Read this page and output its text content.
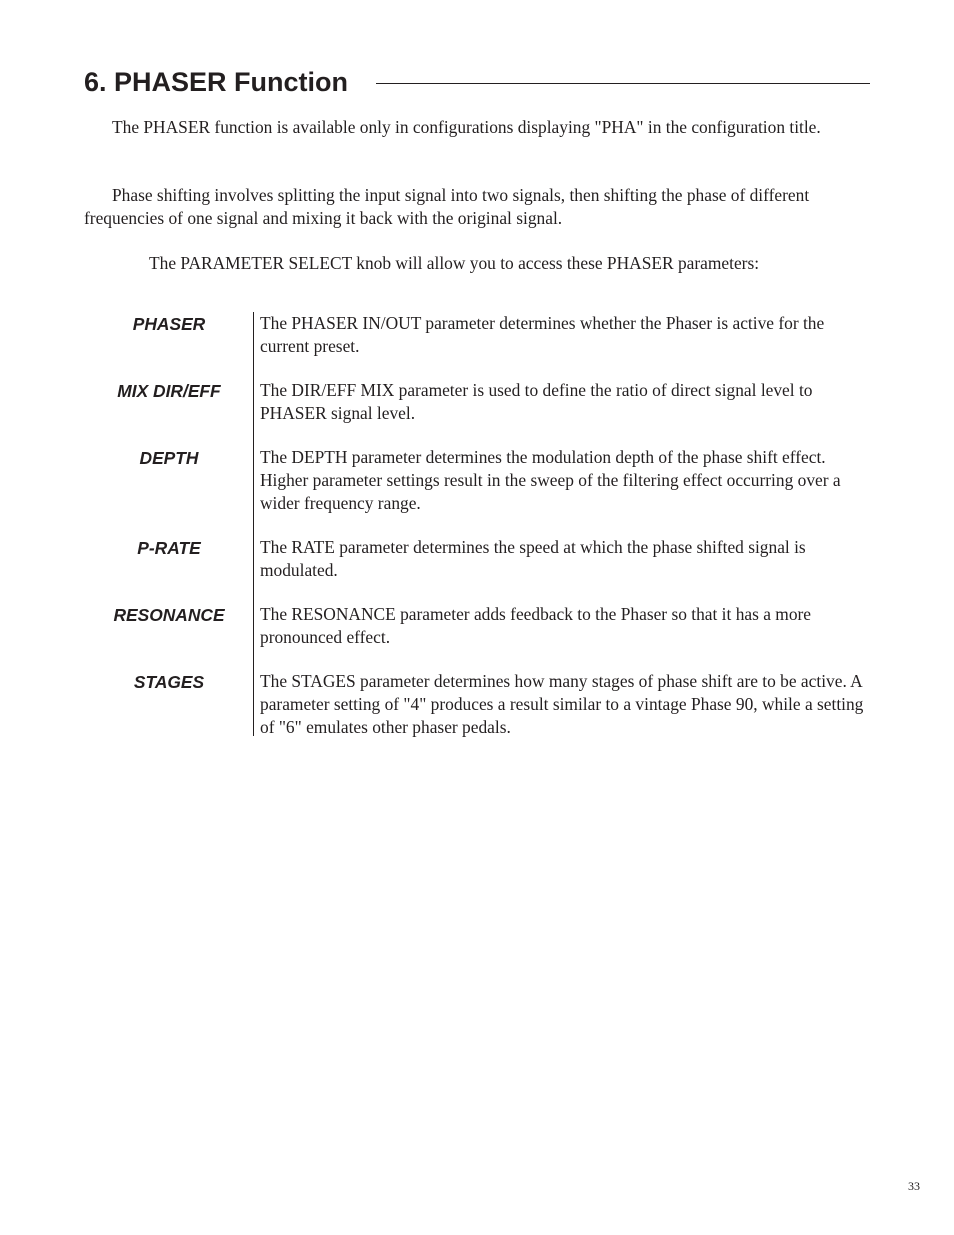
6. PHASER Function

The PHASER function is available only in configurations displaying "PHA" in the configuration title.

Phase shifting involves splitting the input signal into two signals, then shifting the phase of different frequencies of one signal and mixing it back with the original signal.

The PARAMETER SELECT knob will allow you to access these PHASER parameters:

PHASER	The PHASER IN/OUT parameter determines whether the Phaser is active for the current preset.

MIX DIR/EFF	The DIR/EFF MIX parameter is used to define the ratio of direct signal level to PHASER signal level.

DEPTH	The DEPTH parameter determines the modulation depth of the phase shift effect. Higher parameter settings result in the sweep of the filtering effect occurring over a wider frequency range.

P-RATE	The RATE parameter determines the speed at which the phase shifted signal is modulated.

RESONANCE	The RESONANCE parameter adds feedback to the Phaser so that it has a more pronounced effect.

STAGES	The STAGES parameter determines how many stages of phase shift are to be active. A parameter setting of "4" produces a result similar to a vintage Phase 90, while a setting of "6" emulates other phaser pedals.

33
